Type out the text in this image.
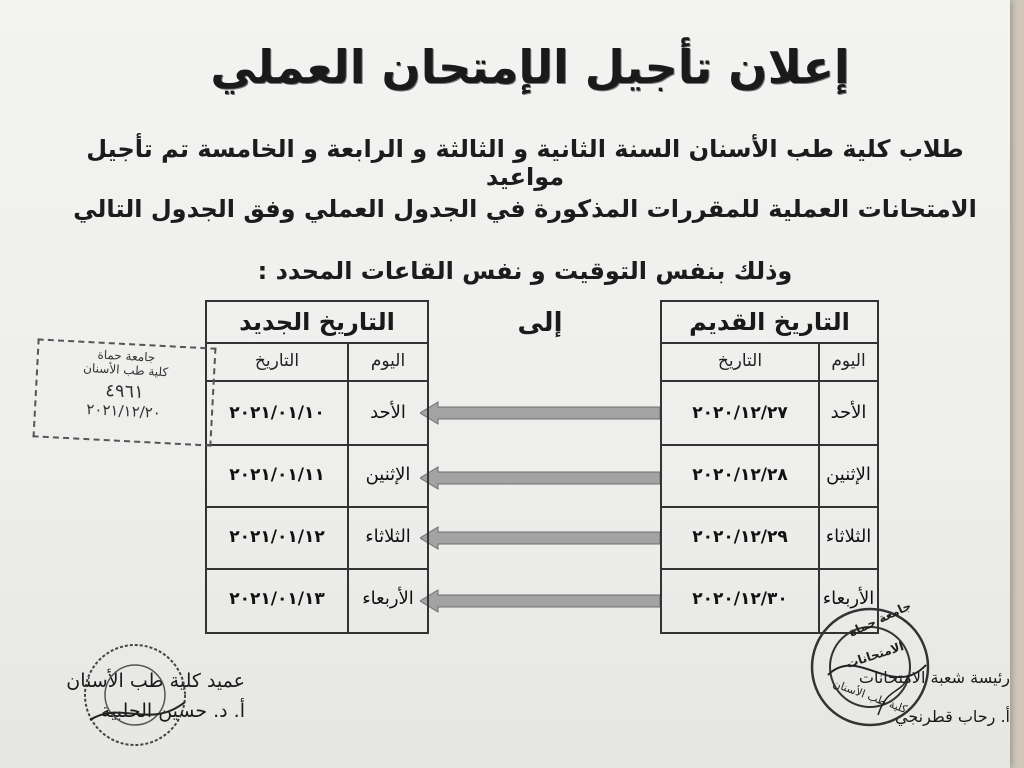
إعلان تأجيل الإمتحان العملي
طلاب كلية طب الأسنان السنة الثانية و الثالثة و الرابعة و الخامسة تم تأجيل مواعيد
الامتحانات العملية للمقررات المذكورة في الجدول العملي وفق الجدول التالي
وذلك بنفس التوقيت و نفس القاعات المحدد :
التاريخ القديم
اليوم
التاريخ
الأحد
٢٠٢٠/١٢/٢٧
الإثنين
٢٠٢٠/١٢/٢٨
الثلاثاء
٢٠٢٠/١٢/٢٩
الأربعاء
٢٠٢٠/١٢/٣٠
إلى
التاريخ الجديد
اليوم
التاريخ
الأحد
٢٠٢١/٠١/١٠
الإثنين
٢٠٢١/٠١/١١
الثلاثاء
٢٠٢١/٠١/١٢
الأربعاء
٢٠٢١/٠١/١٣
جامعة حماة
كلية طب الأسنان
٤٩٦١
٢٠٢١/١٢/٢٠
عميد كلية طب الأسنان
أ. د. حسين الحلبية
رئيسة شعبة الامتحانات
أ. رحاب قطرنجي
الامتحانات
جامعة حماة
كلية طب الأسنان
